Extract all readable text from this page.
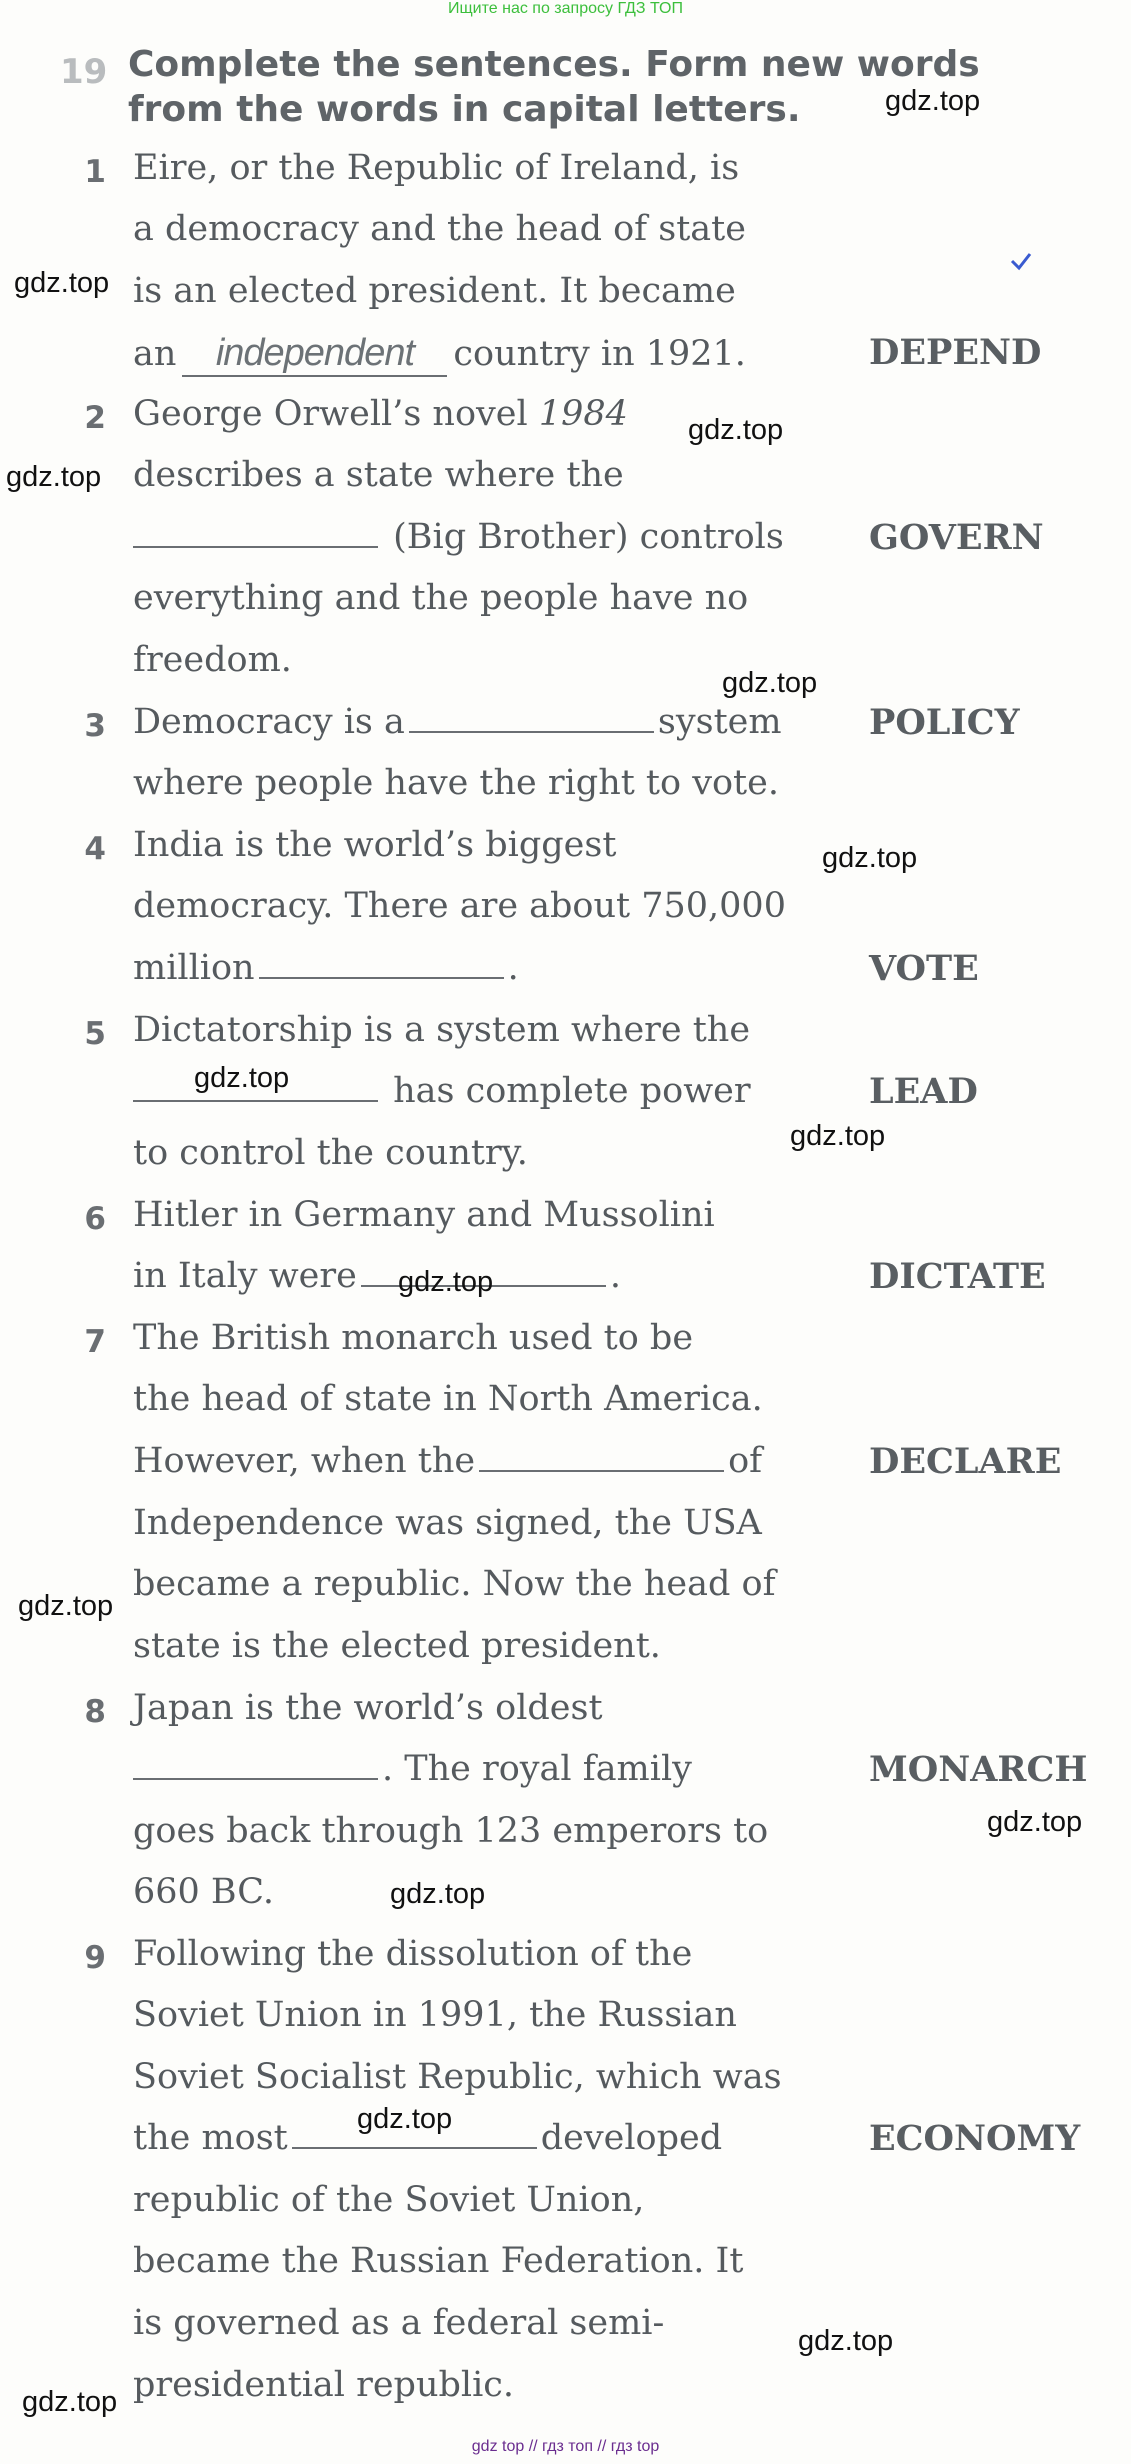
Ищите нас по запросу ГДЗ ТОП
19 Complete the sentences. Form new words
from the words in capital letters.
1 Eire, or the Republic of Ireland, is
a democracy and the head of state
is an elected president. It became
an independent country in 1921.	DEPEND
2 George Orwell’s novel 1984
describes a state where the
(Big Brother) controls GOVERN
everything and the people have no
freedom.
3 Democracy is a	system POLICY
where people have the right to vote.
4 India is the world’s biggest
democracy. There are about 750,000
million	.	VOTE
5 Dictatorship is a system where the
has complete power	LEAD
to control the country.
6 Hitler in Germany and Mussolini
in Italy were	.	DICTATE
7 The British monarch used to be
the head of state in North America.
However, when the	of	DECLARE
Independence was signed, the USA
became a republic. Now the head of
state is the elected president.
8 Japan is the world’s oldest
. The royal family	MONARCH
goes back through 123 emperors to
660 BC.
9 Following the dissolution of the
Soviet Union in 1991, the Russian
Soviet Socialist Republic, which was
the most	developed	ECONOMY
republic of the Soviet Union,
became the Russian Federation. It
is governed as a federal semi-
presidential republic.
gdz.top
gdz.top
gdz.top
gdz.top
gdz.top
gdz.top
gdz.top
gdz.top
gdz.top
gdz.top
gdz.top
gdz.top
gdz.top
gdz.top
gdz.top
gdz top // гдз топ // гдз top
